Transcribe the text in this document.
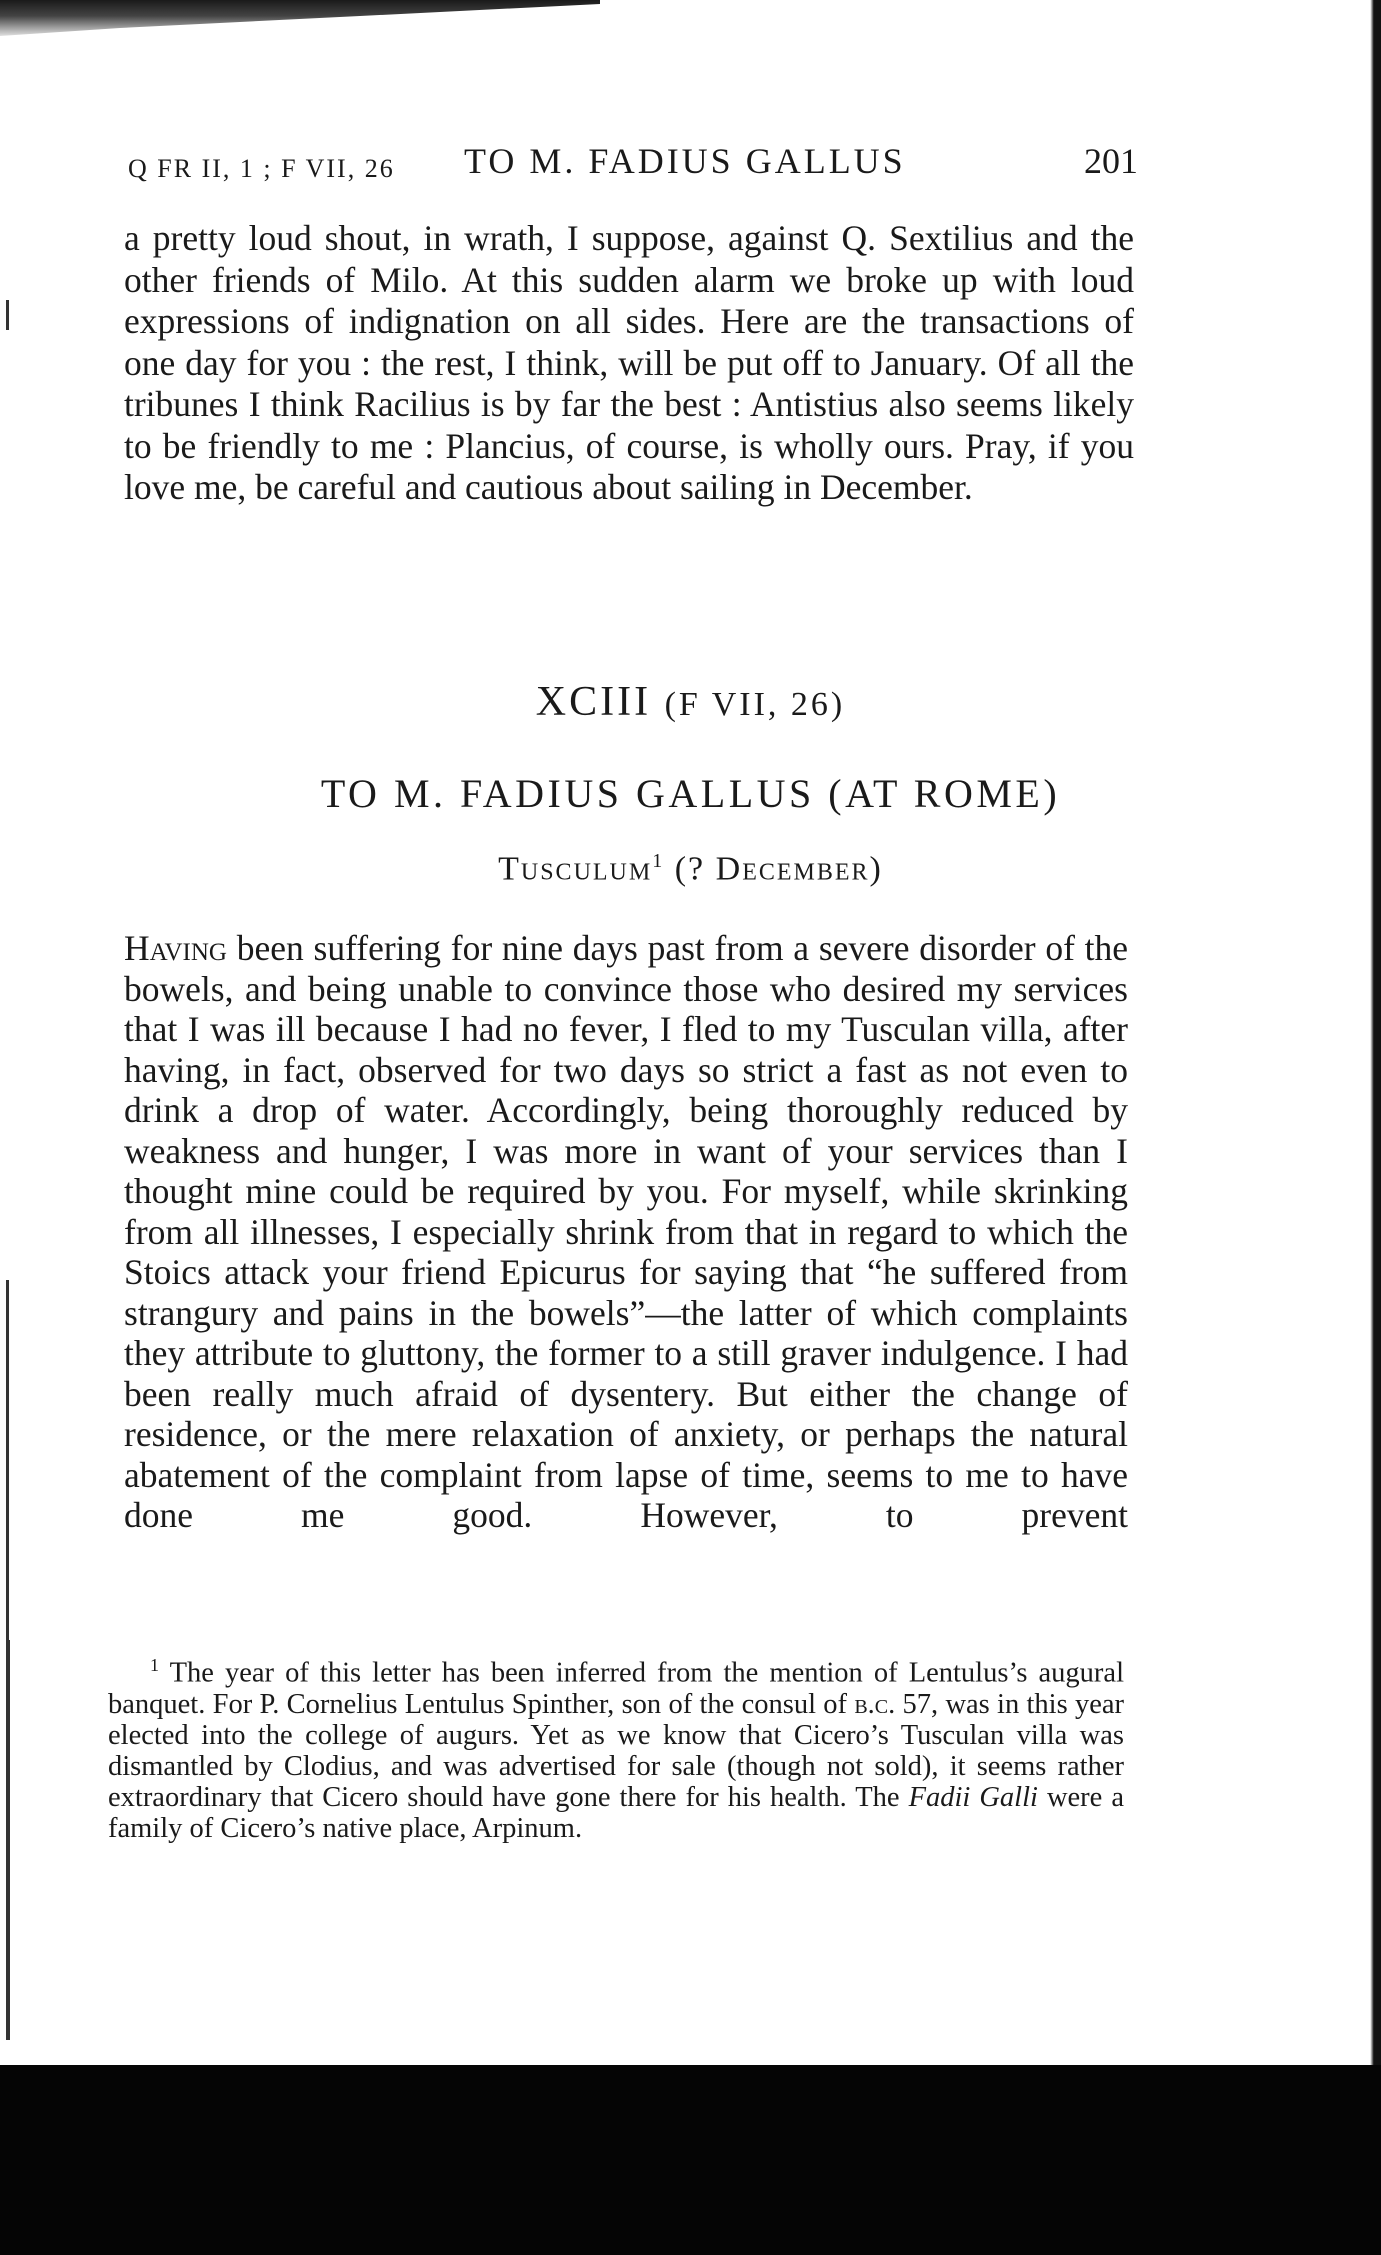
Q FR II, 1 ; F VII, 26 TO M. FADIUS GALLUS	201
a pretty loud shout, in wrath, I suppose, against Q. Sextilius and the other friends of Milo. At this sudden alarm we broke up with loud expressions of indignation on all sides. Here are the transactions of one day for you : the rest, I think, will be put off to January. Of all the tribunes I think Racilius is by far the best : Antistius also seems likely to be friendly to me : Plancius, of course, is wholly ours. Pray, if you love me, be careful and cautious about sailing in December.
XCIII (F VII, 26)
TO M. FADIUS GALLUS (AT ROME)
Tusculum$^1$ (? December)
Having been suffering for nine days past from a severe disorder of the bowels, and being unable to convince those who desired my services that I was ill because I had no fever, I fled to my Tusculan villa, after having, in fact, observed for two days so strict a fast as not even to drink a drop of water. Accordingly, being thoroughly reduced by weakness and hunger, I was more in want of your services than I thought mine could be required by you. For myself, while skrinking from all illnesses, I especially shrink from that in regard to which the Stoics attack your friend Epicurus for saying that “he suffered from strangury and pains in the bowels”—the latter of which complaints they attribute to gluttony, the former to a still graver indulgence. I had been really much afraid of dysentery. But either the change of residence, or the mere relaxation of anxiety, or perhaps the natural abatement of the complaint from lapse of time, seems to me to have done me good. However, to prevent
$^1$ The year of this letter has been inferred from the mention of Lentulus’s augural banquet. For P. Cornelius Lentulus Spinther, son of the consul of b.c. 57, was in this year elected into the college of augurs. Yet as we know that Cicero’s Tusculan villa was dismantled by Clodius, and was advertised for sale (though not sold), it seems rather extraordinary that Cicero should have gone there for his health. The Fadii Galli were a family of Cicero’s native place, Arpinum.
